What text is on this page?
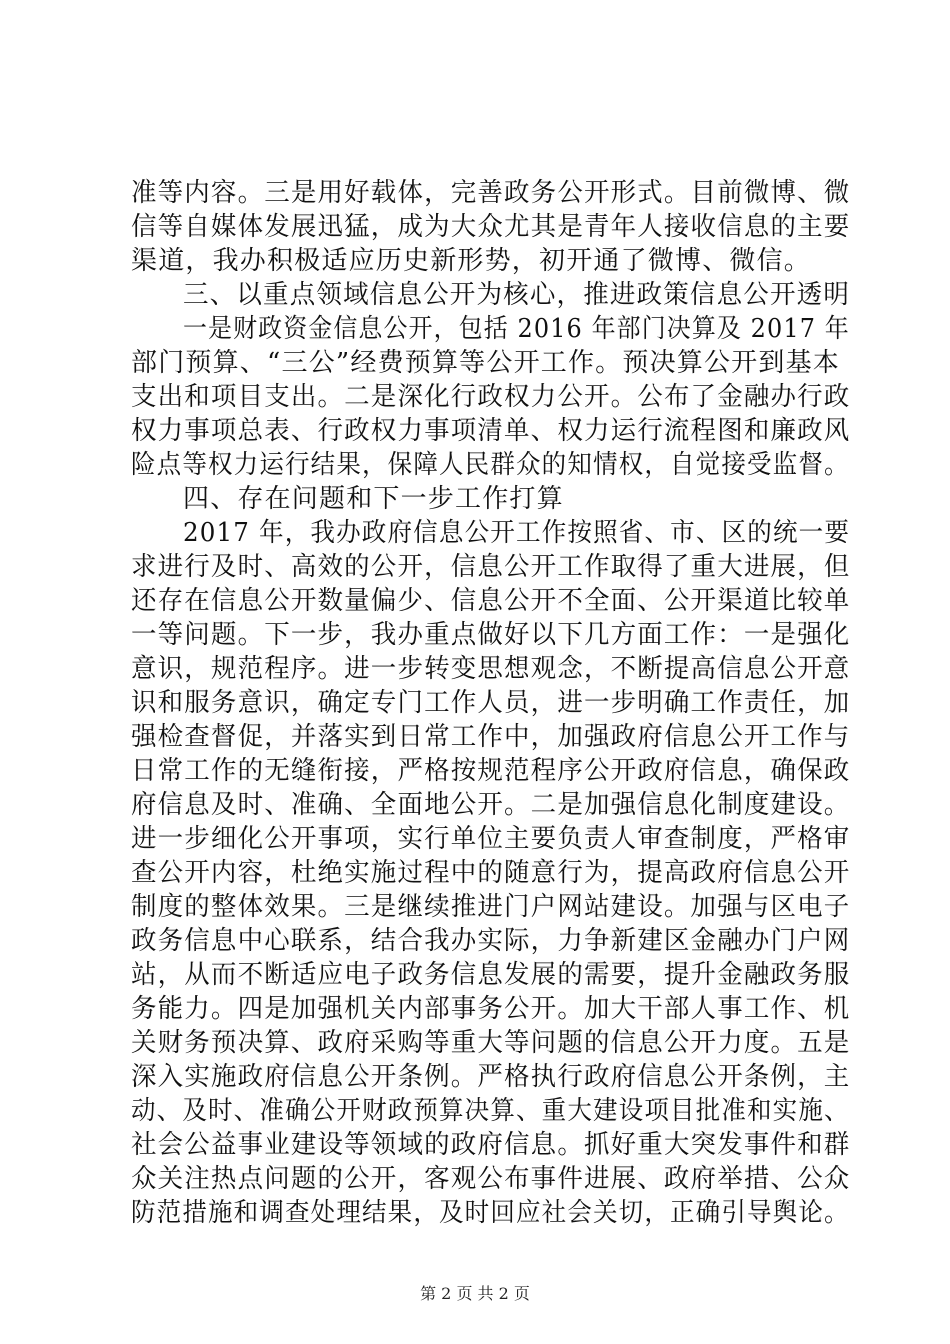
准等内容。三是用好载体，完善政务公开形式。目前微博、微
信等自媒体发展迅猛，成为大众尤其是青年人接收信息的主要
渠道，我办积极适应历史新形势，初开通了微博、微信。
三、以重点领域信息公开为核心，推进政策信息公开透明
一是财政资金信息公开，包括 2016 年部门决算及 2017 年
部门预算、“三公”经费预算等公开工作。预决算公开到基本
支出和项目支出。二是深化行政权力公开。公布了金融办行政
权力事项总表、行政权力事项清单、权力运行流程图和廉政风
险点等权力运行结果，保障人民群众的知情权，自觉接受监督。
四、存在问题和下一步工作打算
2017 年，我办政府信息公开工作按照省、市、区的统一要
求进行及时、高效的公开，信息公开工作取得了重大进展，但
还存在信息公开数量偏少、信息公开不全面、公开渠道比较单
一等问题。下一步，我办重点做好以下几方面工作：一是强化
意识，规范程序。进一步转变思想观念，不断提高信息公开意
识和服务意识，确定专门工作人员，进一步明确工作责任，加
强检查督促，并落实到日常工作中，加强政府信息公开工作与
日常工作的无缝衔接，严格按规范程序公开政府信息，确保政
府信息及时、准确、全面地公开。二是加强信息化制度建设。
进一步细化公开事项，实行单位主要负责人审查制度，严格审
查公开内容，杜绝实施过程中的随意行为，提高政府信息公开
制度的整体效果。三是继续推进门户网站建设。加强与区电子
政务信息中心联系，结合我办实际，力争新建区金融办门户网
站，从而不断适应电子政务信息发展的需要，提升金融政务服
务能力。四是加强机关内部事务公开。加大干部人事工作、机
关财务预决算、政府采购等重大等问题的信息公开力度。五是
深入实施政府信息公开条例。严格执行政府信息公开条例，主
动、及时、准确公开财政预算决算、重大建设项目批准和实施、
社会公益事业建设等领域的政府信息。抓好重大突发事件和群
众关注热点问题的公开，客观公布事件进展、政府举措、公众
防范措施和调查处理结果，及时回应社会关切，正确引导舆论。
第 2 页 共 2 页
